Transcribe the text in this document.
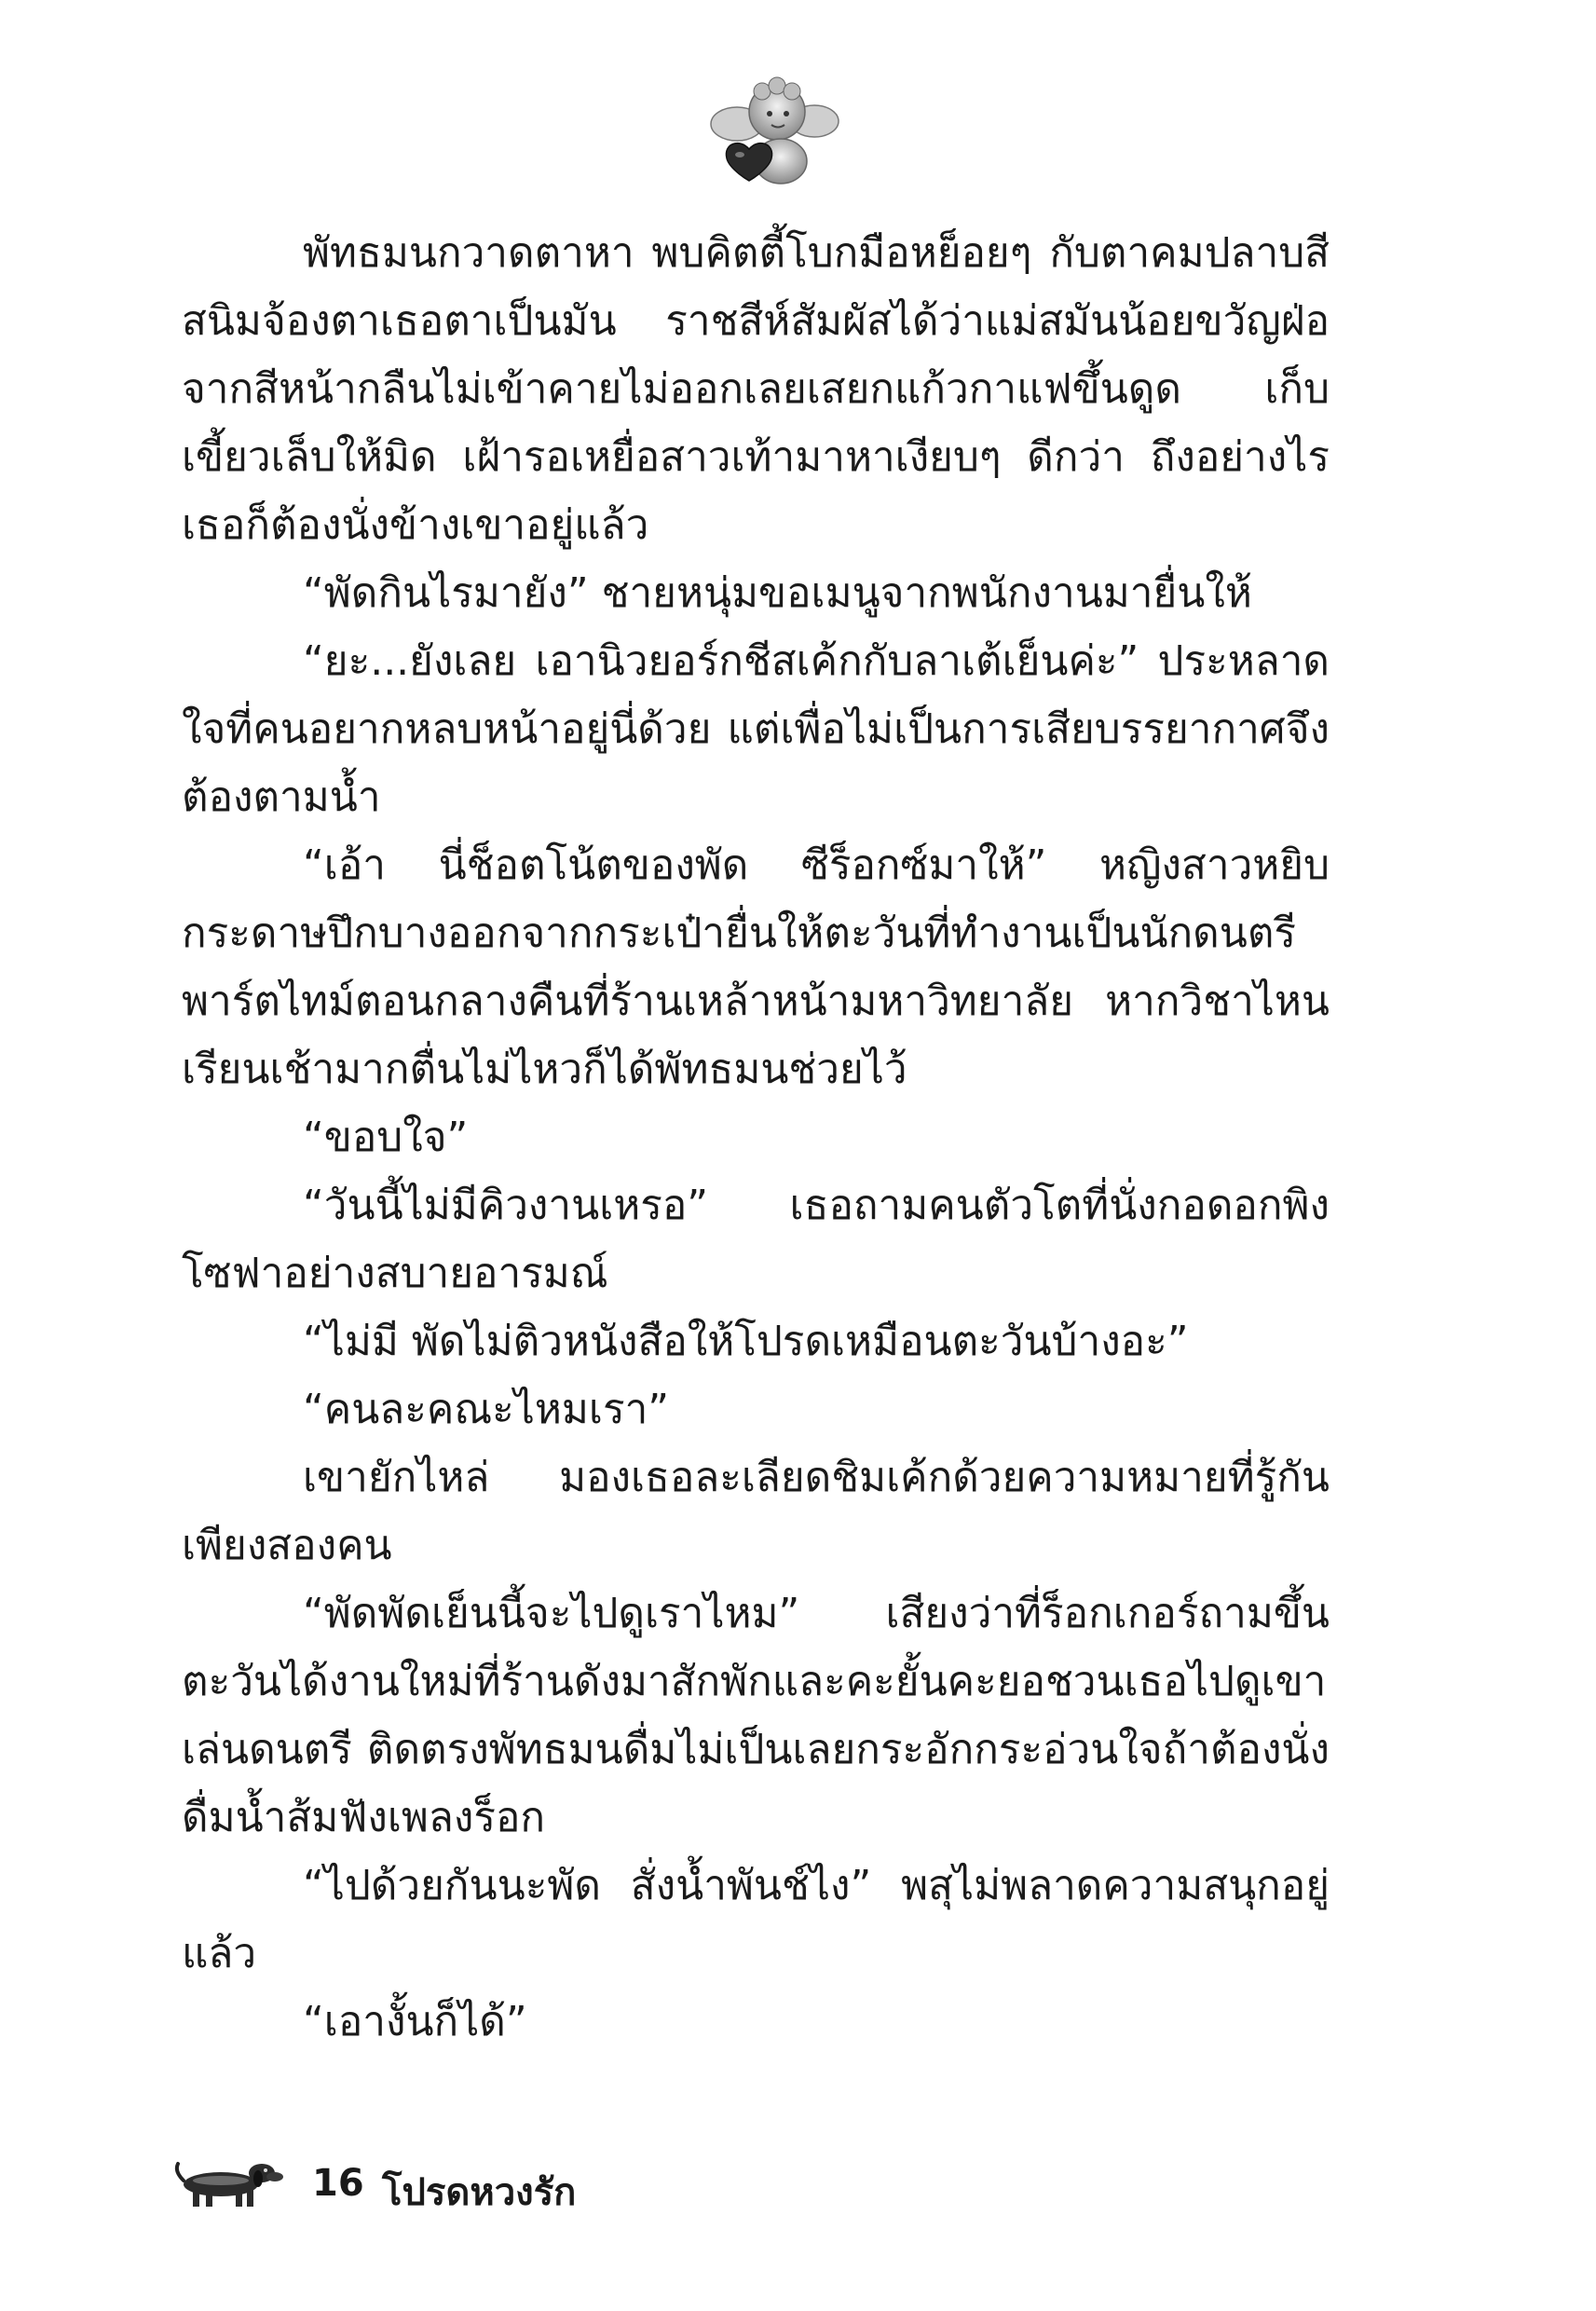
พัทธมนกวาดตาหา พบคิตตี้โบกมือหย็อยๆ กับตาคมปลาบสีสนิมจ้องตาเธอตาเป็นมัน ราชสีห์สัมผัสได้ว่าแม่สมันน้อยขวัญฝ่อจากสีหน้ากลืนไม่เข้าคายไม่ออกเลยเสยกแก้วกาแฟขึ้นดูด เก็บเขี้ยวเล็บให้มิด เฝ้ารอเหยื่อสาวเท้ามาหาเงียบๆ ดีกว่า ถึงอย่างไรเธอก็ต้องนั่งข้างเขาอยู่แล้ว

“พัดกินไรมายัง” ชายหนุ่มขอเมนูจากพนักงานมายื่นให้

“ยะ...ยังเลย เอานิวยอร์กชีสเค้กกับลาเต้เย็นค่ะ” ประหลาดใจที่คนอยากหลบหน้าอยู่นี่ด้วย แต่เพื่อไม่เป็นการเสียบรรยากาศจึงต้องตามน้ำ

“เอ้า นี่ช็อตโน้ตของพัด ซีร็อกซ์มาให้” หญิงสาวหยิบกระดาษปึกบางออกจากกระเป๋ายื่นให้ตะวันที่ทำงานเป็นนักดนตรีพาร์ตไทม์ตอนกลางคืนที่ร้านเหล้าหน้ามหาวิทยาลัย หากวิชาไหนเรียนเช้ามากตื่นไม่ไหวก็ได้พัทธมนช่วยไว้

“ขอบใจ”

“วันนี้ไม่มีคิวงานเหรอ” เธอถามคนตัวโตที่นั่งกอดอกพิงโซฟาอย่างสบายอารมณ์

“ไม่มี พัดไม่ติวหนังสือให้โปรดเหมือนตะวันบ้างอะ”

“คนละคณะไหมเรา”

เขายักไหล่ มองเธอละเลียดชิมเค้กด้วยความหมายที่รู้กันเพียงสองคน

“พัดพัดเย็นนี้จะไปดูเราไหม” เสียงว่าที่ร็อกเกอร์ถามขึ้น ตะวันได้งานใหม่ที่ร้านดังมาสักพักและคะยั้นคะยอชวนเธอไปดูเขาเล่นดนตรี ติดตรงพัทธมนดื่มไม่เป็นเลยกระอักกระอ่วนใจถ้าต้องนั่งดื่มน้ำส้มฟังเพลงร็อก

“ไปด้วยกันนะพัด สั่งน้ำพันช์ไง” พสุไม่พลาดความสนุกอยู่แล้ว

“เอางั้นก็ได้”

16 โปรดหวงรัก
